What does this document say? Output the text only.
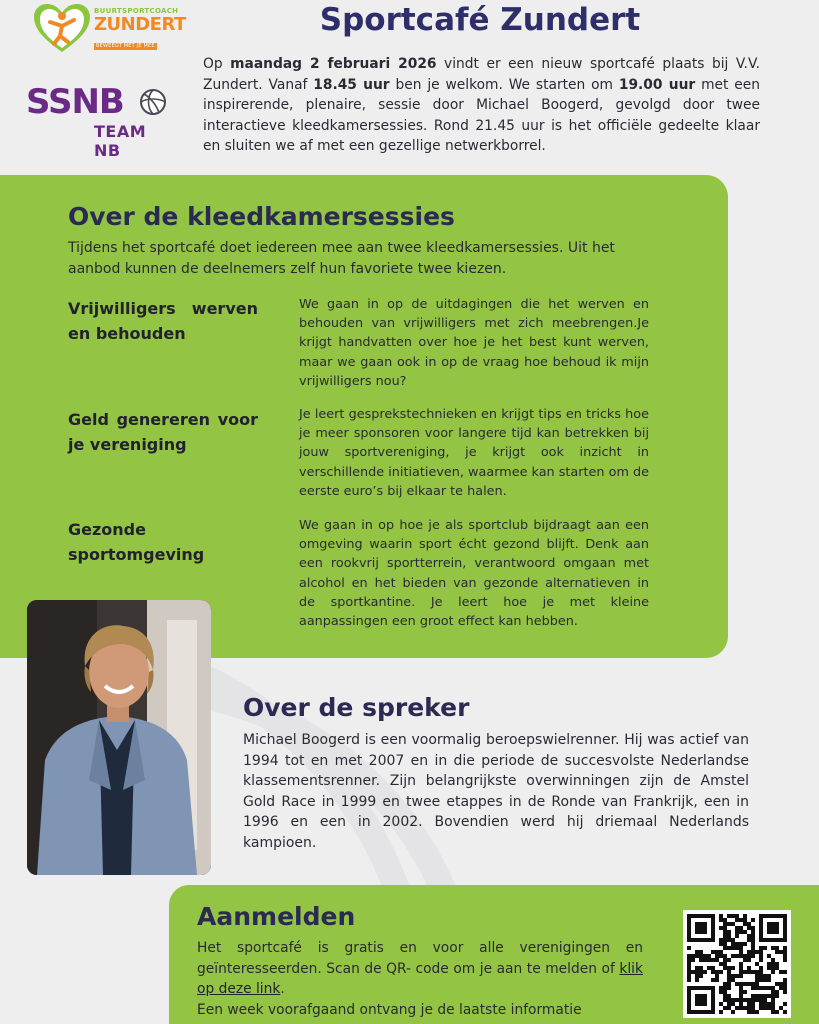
BUURTSPORTCOACH
ZUNDERT
BEWEEGT MET JE MEE
SSNB
TEAM NB
Sportcafé Zundert

Op maandag 2 februari 2026 vindt er een nieuw sportcafé plaats bij V.V. Zundert. Vanaf 18.45 uur ben je welkom. We starten om 19.00 uur met een inspirerende, plenaire, sessie door Michael Boogerd, gevolgd door twee interactieve kleedkamersessies. Rond 21.45 uur is het officiële gedeelte klaar en sluiten we af met een gezellige netwerkborrel.

Over de kleedkamersessies

Tijdens het sportcafé doet iedereen mee aan twee kleedkamersessies. Uit het aanbod kunnen de deelnemers zelf hun favoriete twee kiezen.

Vrijwilligers werven en behouden

We gaan in op de uitdagingen die het werven en behouden van vrijwilligers met zich meebrengen.Je krijgt handvatten over hoe je het best kunt werven, maar we gaan ook in op de vraag hoe behoud ik mijn vrijwilligers nou?

Geld genereren voor je vereniging

Je leert gesprekstechnieken en krijgt tips en tricks hoe je meer sponsoren voor langere tijd kan betrekken bij jouw sportvereniging, je krijgt ook inzicht in verschillende initiatieven, waarmee kan starten om de eerste euro’s bij elkaar te halen.

Gezonde sportomgeving

We gaan in op hoe je als sportclub bijdraagt aan een omgeving waarin sport écht gezond blijft. Denk aan een rookvrij sportterrein, verantwoord omgaan met alcohol en het bieden van gezonde alternatieven in de sportkantine. Je leert hoe je met kleine aanpassingen een groot effect kan hebben.

Over de spreker

Michael Boogerd is een voormalig beroepswielrenner. Hij was actief van 1994 tot en met 2007 en in die periode de succesvolste Nederlandse klassementsrenner. Zijn belangrijkste overwinningen zijn de Amstel Gold Race in 1999 en twee etappes in de Ronde van Frankrijk, een in 1996 en een in 2002. Bovendien werd hij driemaal Nederlands kampioen.

Aanmelden

Het sportcafé is gratis en voor alle verenigingen en geïnteresseerden. Scan de QR- code om je aan te melden of klik op deze link.

Een week voorafgaand ontvang je de laatste informatie
